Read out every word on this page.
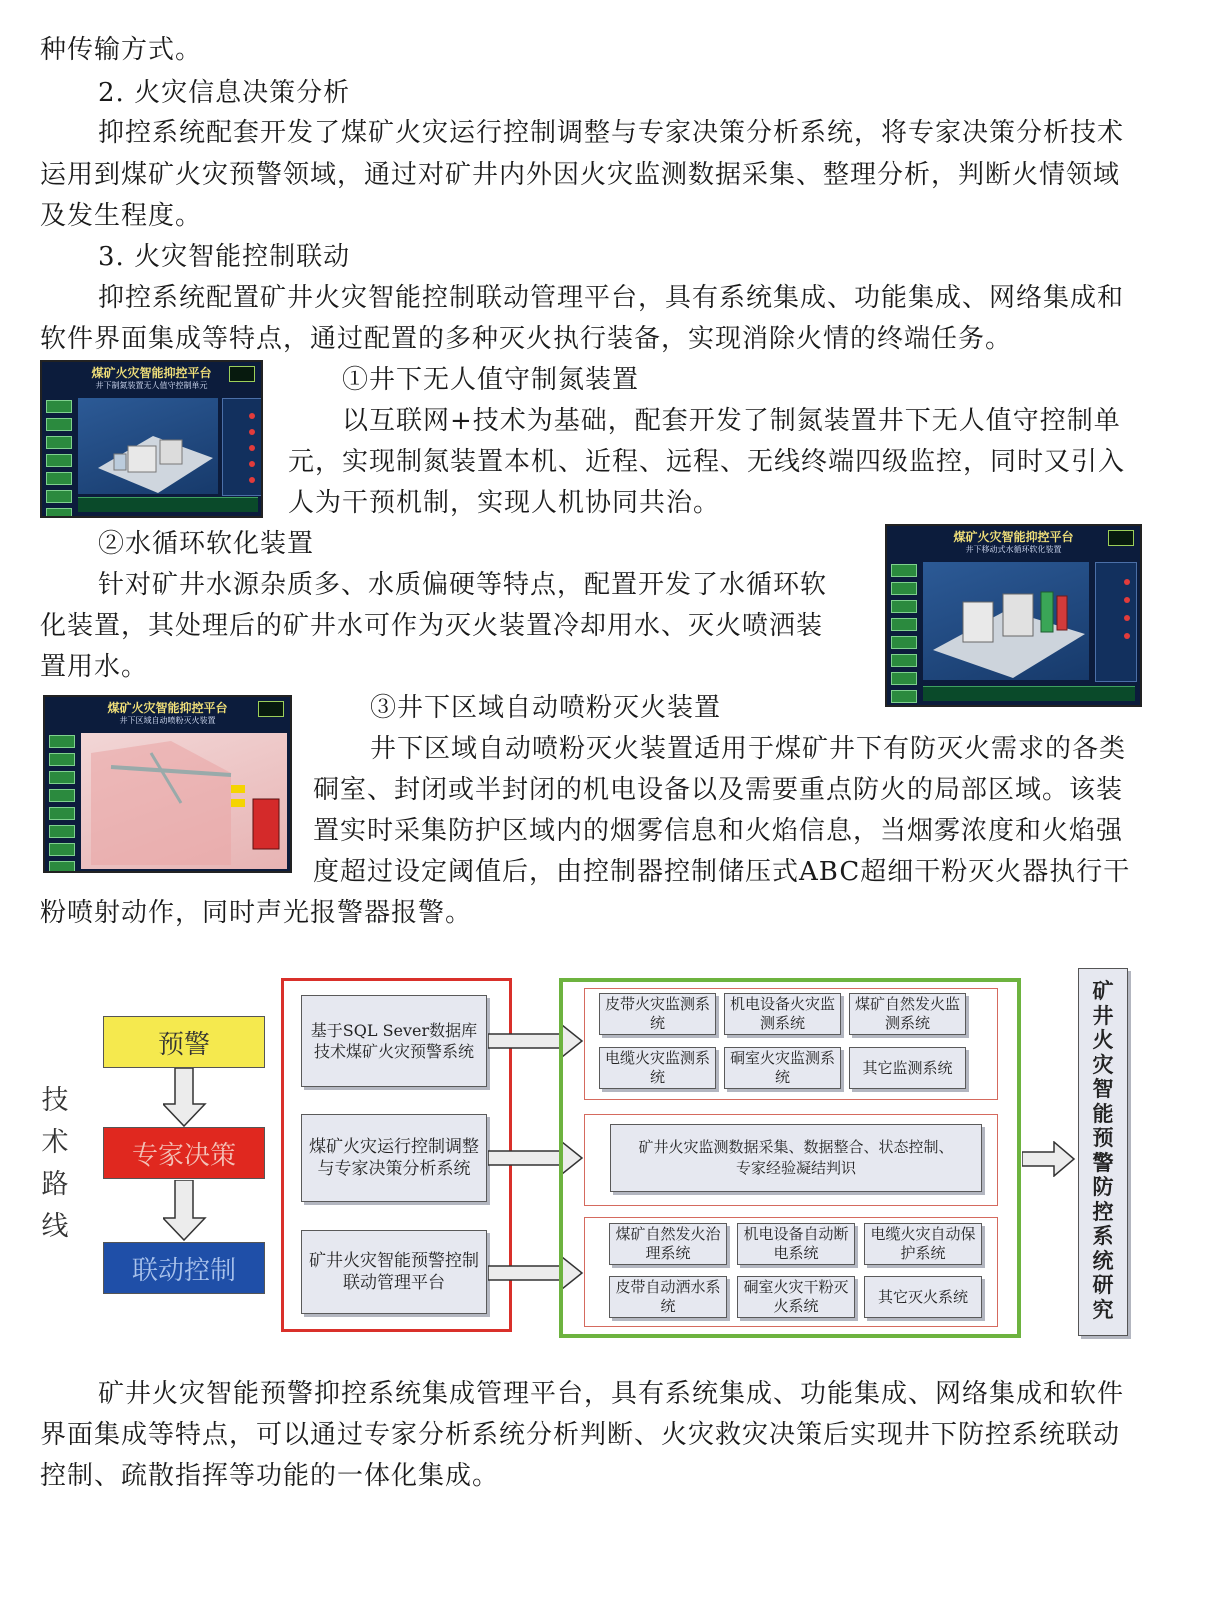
种传输方式。
2. 火灾信息决策分析
抑控系统配套开发了煤矿火灾运行控制调整与专家决策分析系统，将专家决策分析技术
运用到煤矿火灾预警领域，通过对矿井内外因火灾监测数据采集、整理分析，判断火情领域
及发生程度。
3. 火灾智能控制联动
抑控系统配置矿井火灾智能控制联动管理平台，具有系统集成、功能集成、网络集成和
软件界面集成等特点，通过配置的多种灭火执行装备，实现消除火情的终端任务。
煤矿火灾智能抑控平台
井下制氮装置无人值守控制单元	①井下无人值守制氮装置
以互联网+技术为基础，配套开发了制氮装置井下无人值守控制单
元，实现制氮装置本机、近程、远程、无线终端四级监控，同时又引入
人为干预机制，实现人机协同共治。
②水循环软化装置
针对矿井水源杂质多、水质偏硬等特点，配置开发了水循环软
化装置，其处理后的矿井水可作为灭火装置冷却用水、灭火喷洒装
置用水。
煤矿火灾智能抑控平台
井下移动式水循环软化装置
煤矿火灾智能抑控平台
井下区域自动喷粉灭火装置	③井下区域自动喷粉灭火装置
井下区域自动喷粉灭火装置适用于煤矿井下有防灭火需求的各类
硐室、封闭或半封闭的机电设备以及需要重点防火的局部区域。该装
置实时采集防护区域内的烟雾信息和火焰信息，当烟雾浓度和火焰强
度超过设定阈值后，由控制器控制储压式ABC超细干粉灭火器执行干
粉喷射动作，同时声光报警器报警。
技
术
路
线
预警
专家决策
联动控制
基于SQL Sever数据库技术煤矿火灾预警系统
煤矿火灾运行控制调整与专家决策分析系统
矿井火灾智能预警控制联动管理平台
皮带火灾监测系统
机电设备火灾监测系统
煤矿自然发火监测系统
电缆火灾监测系统
硐室火灾监测系统
其它监测系统
矿井火灾监测数据采集、数据整合、状态控制、专家经验凝结判识
煤矿自然发火治理系统
机电设备自动断电系统
电缆火灾自动保护系统
皮带自动洒水系统
硐室火灾干粉灭火系统
其它灭火系统
矿
井
火
灾
智
能
预
警
防
控
系
统
研
究
矿井火灾智能预警抑控系统集成管理平台，具有系统集成、功能集成、网络集成和软件
界面集成等特点，可以通过专家分析系统分析判断、火灾救灾决策后实现井下防控系统联动
控制、疏散指挥等功能的一体化集成。
